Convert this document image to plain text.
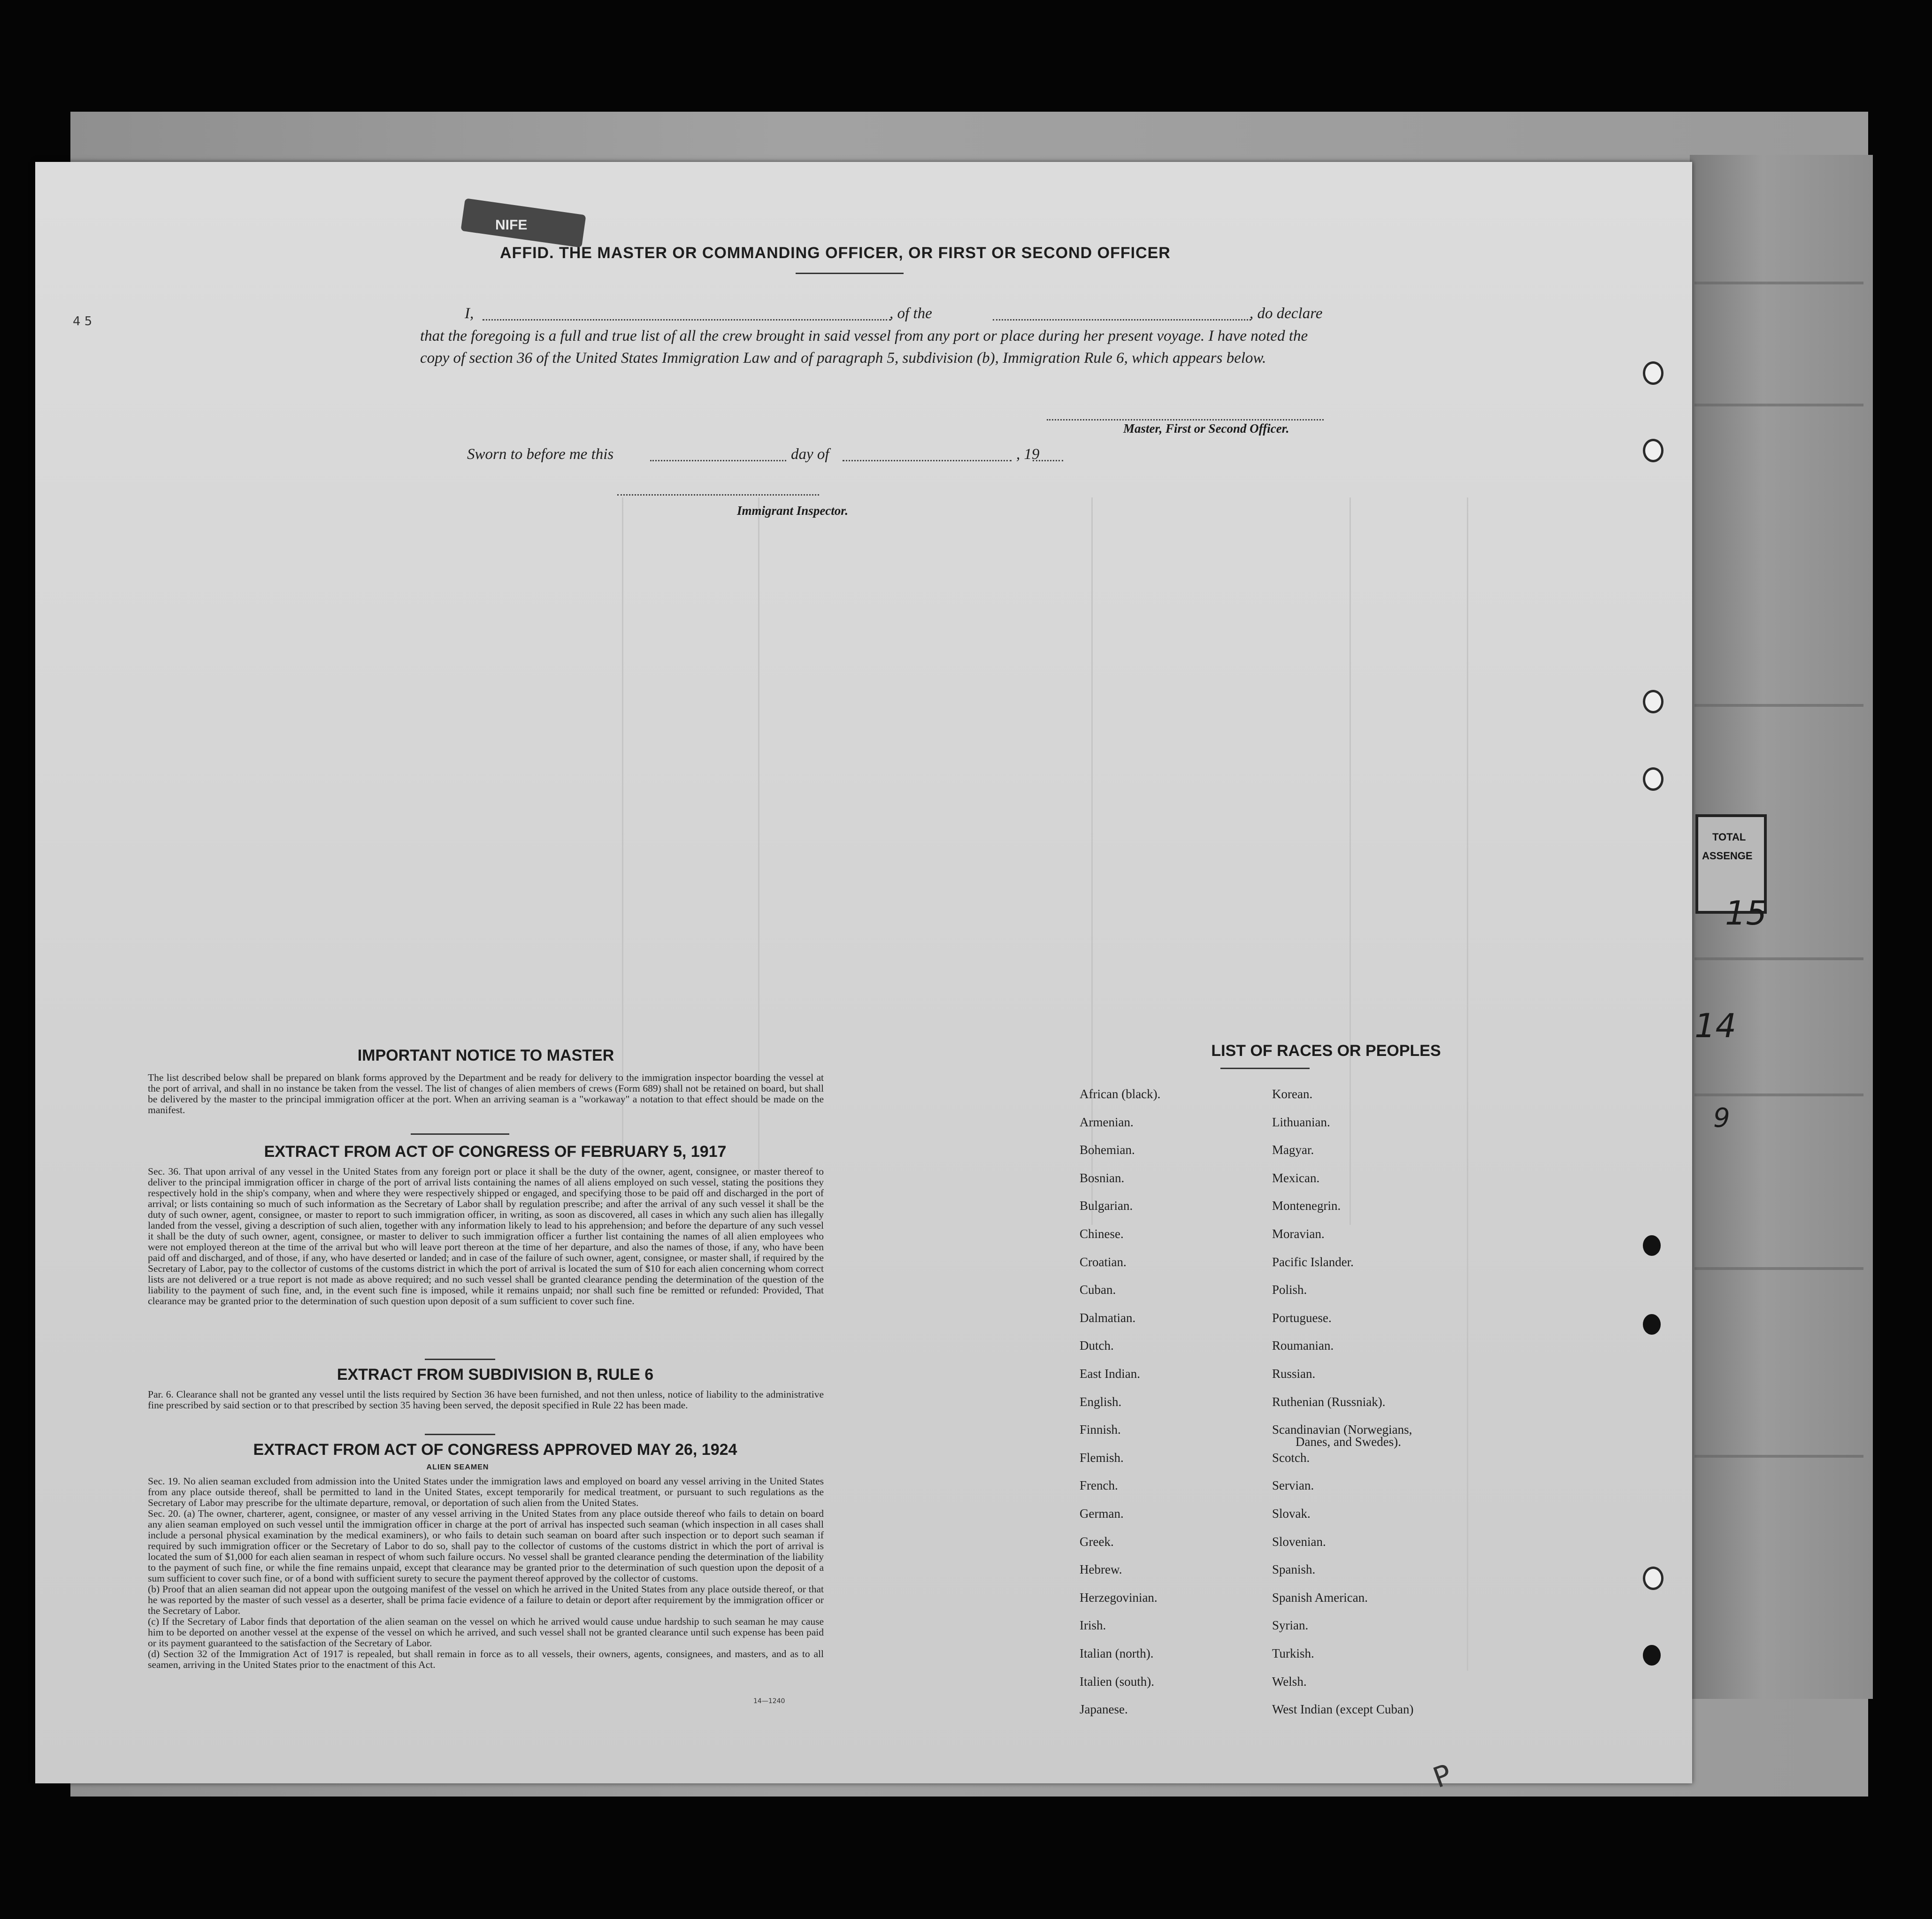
TOTAL
ASSENGE
15
14
9
4 5
NIFE
AFFID. THE MASTER OR COMMANDING OFFICER, OR FIRST OR SECOND OFFICER
I,	, of the	, do declare
that the foregoing is a full and true list of all the crew brought in said vessel from any port or place during her present voyage. I have noted the copy of section 36 of the United States Immigration Law and of paragraph 5, subdivision (b), Immigration Rule 6, which appears below.
Master, First or Second Officer.
Sworn to before me this	day of	, 19
Immigrant Inspector.
IMPORTANT NOTICE TO MASTER
The list described below shall be prepared on blank forms approved by the Department and be ready for delivery to the immigration inspector boarding the vessel at the port of arrival, and shall in no instance be taken from the vessel. The list of changes of alien members of crews (Form 689) shall not be retained on board, but shall be delivered by the master to the principal immigration officer at the port. When an arriving seaman is a "workaway" a notation to that effect should be made on the manifest.
EXTRACT FROM ACT OF CONGRESS OF FEBRUARY 5, 1917
Sec. 36. That upon arrival of any vessel in the United States from any foreign port or place it shall be the duty of the owner, agent, consignee, or master thereof to deliver to the principal immigration officer in charge of the port of arrival lists containing the names of all aliens employed on such vessel, stating the positions they respectively hold in the ship's company, when and where they were respectively shipped or engaged, and specifying those to be paid off and discharged in the port of arrival; or lists containing so much of such information as the Secretary of Labor shall by regulation prescribe; and after the arrival of any such vessel it shall be the duty of such owner, agent, consignee, or master to report to such immigration officer, in writing, as soon as discovered, all cases in which any such alien has illegally landed from the vessel, giving a description of such alien, together with any information likely to lead to his apprehension; and before the departure of any such vessel it shall be the duty of such owner, agent, consignee, or master to deliver to such immigration officer a further list containing the names of all alien employees who were not employed thereon at the time of the arrival but who will leave port thereon at the time of her departure, and also the names of those, if any, who have been paid off and discharged, and of those, if any, who have deserted or landed; and in case of the failure of such owner, agent, consignee, or master shall, if required by the Secretary of Labor, pay to the collector of customs of the customs district in which the port of arrival is located the sum of $10 for each alien concerning whom correct lists are not delivered or a true report is not made as above required; and no such vessel shall be granted clearance pending the determination of the question of the liability to the payment of such fine, and, in the event such fine is imposed, while it remains unpaid; nor shall such fine be remitted or refunded: Provided, That clearance may be granted prior to the determination of such question upon deposit of a sum sufficient to cover such fine.
EXTRACT FROM SUBDIVISION B, RULE 6
Par. 6. Clearance shall not be granted any vessel until the lists required by Section 36 have been furnished, and not then unless, notice of liability to the administrative fine prescribed by said section or to that prescribed by section 35 having been served, the deposit specified in Rule 22 has been made.
EXTRACT FROM ACT OF CONGRESS APPROVED MAY 26, 1924
ALIEN SEAMEN
Sec. 19. No alien seaman excluded from admission into the United States under the immigration laws and employed on board any vessel arriving in the United States from any place outside thereof, shall be permitted to land in the United States, except temporarily for medical treatment, or pursuant to such regulations as the Secretary of Labor may prescribe for the ultimate departure, removal, or deportation of such alien from the United States.
Sec. 20. (a) The owner, charterer, agent, consignee, or master of any vessel arriving in the United States from any place outside thereof who fails to detain on board any alien seaman employed on such vessel until the immigration officer in charge at the port of arrival has inspected such seaman (which inspection in all cases shall include a personal physical examination by the medical examiners), or who fails to detain such seaman on board after such inspection or to deport such seaman if required by such immigration officer or the Secretary of Labor to do so, shall pay to the collector of customs of the customs district in which the port of arrival is located the sum of $1,000 for each alien seaman in respect of whom such failure occurs. No vessel shall be granted clearance pending the determination of the liability to the payment of such fine, or while the fine remains unpaid, except that clearance may be granted prior to the determination of such question upon the deposit of a sum sufficient to cover such fine, or of a bond with sufficient surety to secure the payment thereof approved by the collector of customs.
(b) Proof that an alien seaman did not appear upon the outgoing manifest of the vessel on which he arrived in the United States from any place outside thereof, or that he was reported by the master of such vessel as a deserter, shall be prima facie evidence of a failure to detain or deport after requirement by the immigration officer or the Secretary of Labor.
(c) If the Secretary of Labor finds that deportation of the alien seaman on the vessel on which he arrived would cause undue hardship to such seaman he may cause him to be deported on another vessel at the expense of the vessel on which he arrived, and such vessel shall not be granted clearance until such expense has been paid or its payment guaranteed to the satisfaction of the Secretary of Labor.
(d) Section 32 of the Immigration Act of 1917 is repealed, but shall remain in force as to all vessels, their owners, agents, consignees, and masters, and as to all seamen, arriving in the United States prior to the enactment of this Act.
14—1240
LIST OF RACES OR PEOPLES
P
African (black).
Armenian.
Bohemian.
Bosnian.
Bulgarian.
Chinese.
Croatian.
Cuban.
Dalmatian.
Dutch.
East Indian.
English.
Finnish.
Flemish.
French.
German.
Greek.
Hebrew.
Herzegovinian.
Irish.
Italian (north).
Italien (south).
Japanese.
Korean.
Lithuanian.
Magyar.
Mexican.
Montenegrin.
Moravian.
Pacific Islander.
Polish.
Portuguese.
Roumanian.
Russian.
Ruthenian (Russniak).
Scandinavian (Norwegians,
Danes, and Swedes).
Scotch.
Servian.
Slovak.
Slovenian.
Spanish.
Spanish American.
Syrian.
Turkish.
Welsh.
West Indian (except Cuban)
